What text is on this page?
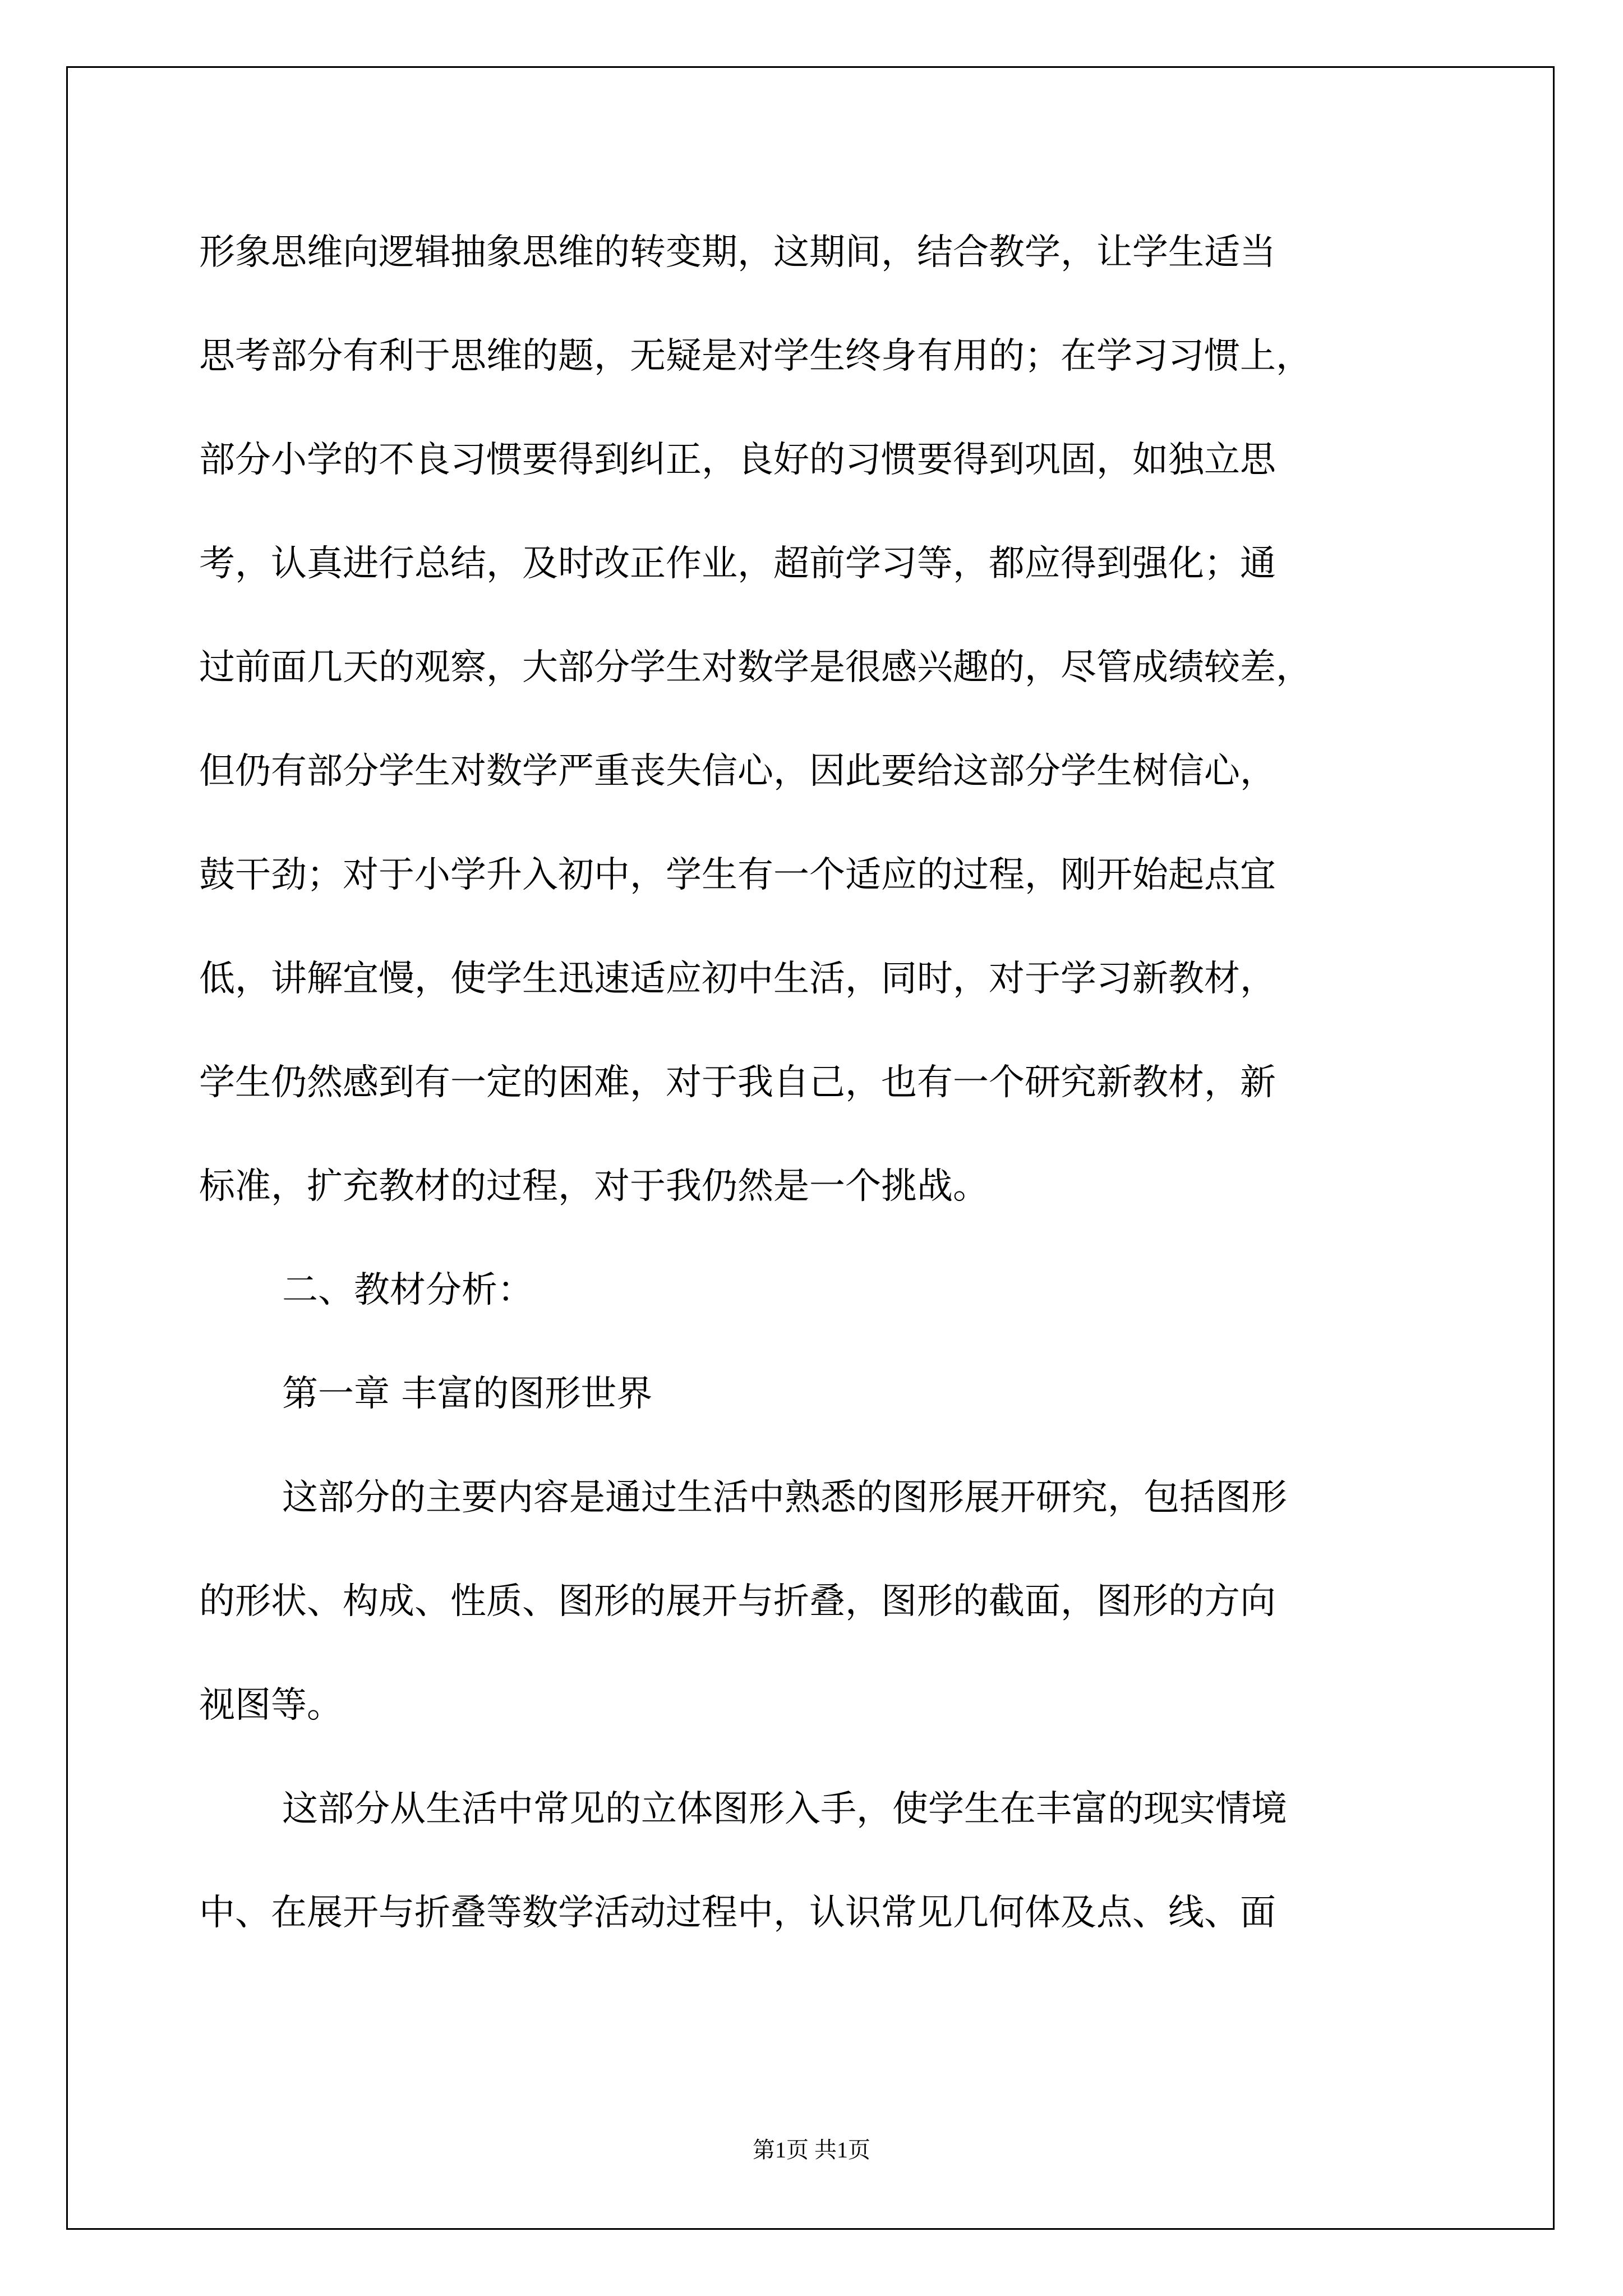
形象思维向逻辑抽象思维的转变期，这期间，结合教学，让学生适当
思考部分有利于思维的题，无疑是对学生终身有用的；在学习习惯上，
部分小学的不良习惯要得到纠正，良好的习惯要得到巩固，如独立思
考，认真进行总结，及时改正作业，超前学习等，都应得到强化；通
过前面几天的观察，大部分学生对数学是很感兴趣的，尽管成绩较差，
但仍有部分学生对数学严重丧失信心，因此要给这部分学生树信心，
鼓干劲；对于小学升入初中，学生有一个适应的过程，刚开始起点宜
低，讲解宜慢，使学生迅速适应初中生活，同时，对于学习新教材，
学生仍然感到有一定的困难，对于我自己，也有一个研究新教材，新
标准，扩充教材的过程，对于我仍然是一个挑战。
二、教材分析：
第一章 丰富的图形世界
这部分的主要内容是通过生活中熟悉的图形展开研究，包括图形
的形状、构成、性质、图形的展开与折叠，图形的截面，图形的方向
视图等。
这部分从生活中常见的立体图形入手，使学生在丰富的现实情境
中、在展开与折叠等数学活动过程中，认识常见几何体及点、线、面
第1页 共1页
